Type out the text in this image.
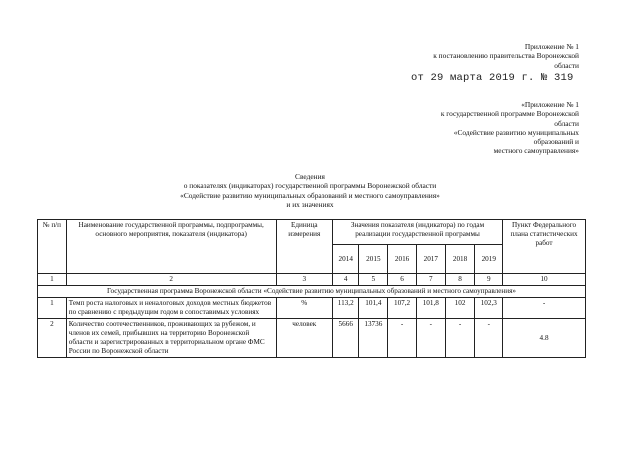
Приложение № 1
к постановлению правительства Воронежской
области
от 29 марта 2019 г. № 319
«Приложение № 1
к государственной программе Воронежской
области
«Содействие развитию муниципальных
образований и
местного самоуправления»
Сведения
о показателях (индикаторах) государственной программы Воронежской области
«Содействие развитию муниципальных образований и местного самоуправления»
и их значениях
№ п/п	Наименование государственной программы, подпрограммы, основного мероприятия, показателя (индикатора)	Единица измерения	Значения показателя (индикатора) по годам реализации государственной программы						Пункт Федерального плана статистических работ
			2014	2015	2016	2017	2018	2019	
1	2	3	4	5	6	7	8	9	10
Государственная программа Воронежской области «Содействие развитию муниципальных образований и местного самоуправления»									
1	Темп роста налоговых и неналоговых доходов местных бюджетов по сравнению с предыдущим годом в сопоставимых условиях	%	113,2	101,4	107,2	101,8	102	102,3	-
2	Количество соотечественников, проживающих за рубежом, и членов их семей, прибывших на территорию Воронежской области и зарегистрированных в территориальном органе ФМС России по Воронежской области	человек	5666	13736	-	-	-	-	4.8
